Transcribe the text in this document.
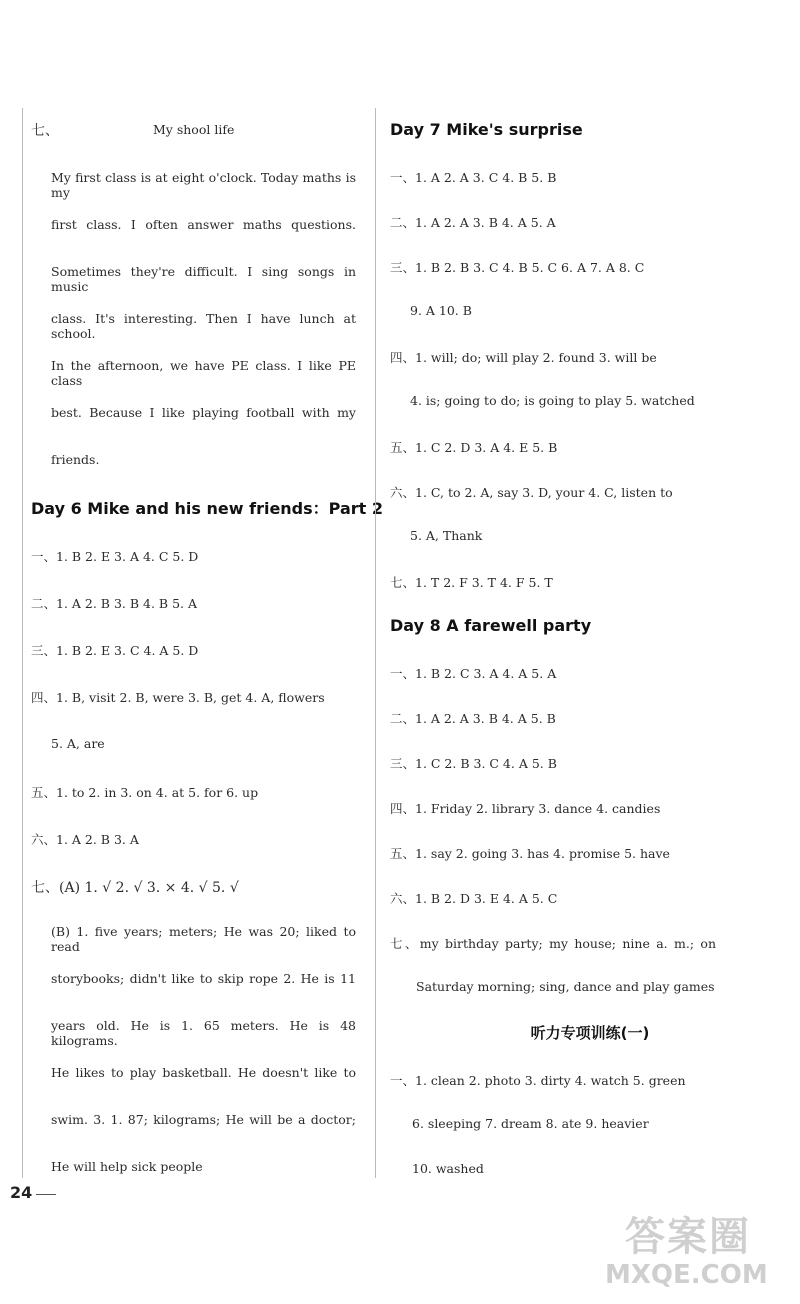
七、	My shool life
My first class is at eight o'clock. Today maths is my
first class. I often answer maths questions.
Sometimes they're difficult. I sing songs in music
class. It's interesting. Then I have lunch at school.
In the afternoon, we have PE class. I like PE class
best. Because I like playing football with my
friends.
Day 6 Mike and his new friends：Part 2
一、1. B 2. E 3. A 4. C 5. D
二、1. A 2. B 3. B 4. B 5. A
三、1. B 2. E 3. C 4. A 5. D
四、1. B, visit 2. B, were 3. B, get 4. A, flowers
5. A, are
五、1. to 2. in 3. on 4. at 5. for 6. up
六、1. A 2. B 3. A
七、(A) 1. √ 2. √ 3. × 4. √ 5. √
(B) 1. five years; meters; He was 20; liked to read
storybooks; didn't like to skip rope 2. He is 11
years old. He is 1. 65 meters. He is 48 kilograms.
He likes to play basketball. He doesn't like to
swim. 3. 1. 87; kilograms; He will be a doctor;
He will help sick people
Day 7 Mike's surprise
一、1. A 2. A 3. C 4. B 5. B
二、1. A 2. A 3. B 4. A 5. A
三、1. B 2. B 3. C 4. B 5. C 6. A 7. A 8. C
9. A 10. B
四、1. will; do; will play 2. found 3. will be
4. is; going to do; is going to play 5. watched
五、1. C 2. D 3. A 4. E 5. B
六、1. C, to 2. A, say 3. D, your 4. C, listen to
5. A, Thank
七、1. T 2. F 3. T 4. F 5. T
Day 8 A farewell party
一、1. B 2. C 3. A 4. A 5. A
二、1. A 2. A 3. B 4. A 5. B
三、1. C 2. B 3. C 4. A 5. B
四、1. Friday 2. library 3. dance 4. candies
五、1. say 2. going 3. has 4. promise 5. have
六、1. B 2. D 3. E 4. A 5. C
七、my birthday party; my house; nine a. m.; on
Saturday morning; sing, dance and play games
听力专项训练(一)
一、1. clean 2. photo 3. dirty 4. watch 5. green
6. sleeping 7. dream 8. ate 9. heavier
10. washed
24
答案圈
MXQE.COM
